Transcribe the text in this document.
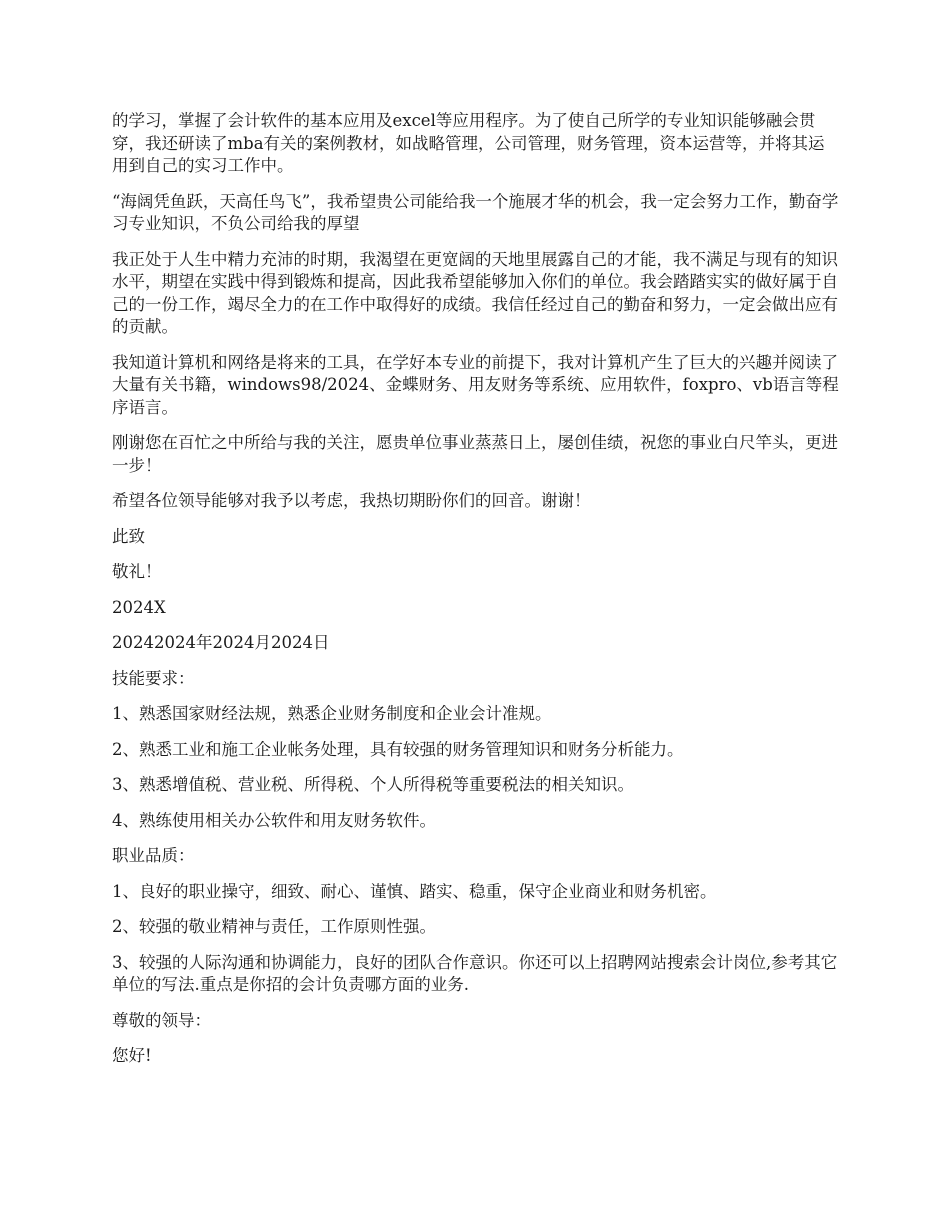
的学习，掌握了会计软件的基本应用及excel等应用程序。为了使自己所学的专业知识能够融会贯穿，我还研读了mba有关的案例教材，如战略管理，公司管理，财务管理，资本运营等，并将其运用到自己的实习工作中。

“海阔凭鱼跃，天高任鸟飞”，我希望贵公司能给我一个施展才华的机会，我一定会努力工作，勤奋学习专业知识，不负公司给我的厚望

我正处于人生中精力充沛的时期，我渴望在更宽阔的天地里展露自己的才能，我不满足与现有的知识水平，期望在实践中得到锻炼和提高，因此我希望能够加入你们的单位。我会踏踏实实的做好属于自己的一份工作，竭尽全力的在工作中取得好的成绩。我信任经过自己的勤奋和努力，一定会做出应有的贡献。

我知道计算机和网络是将来的工具，在学好本专业的前提下，我对计算机产生了巨大的兴趣并阅读了大量有关书籍，windows98/2024、金蝶财务、用友财务等系统、应用软件，foxpro、vb语言等程序语言。

刚谢您在百忙之中所给与我的关注，愿贵单位事业蒸蒸日上，屡创佳绩，祝您的事业白尺竿头，更进一步！

希望各位领导能够对我予以考虑，我热切期盼你们的回音。谢谢！

此致

敬礼！

2024X

20242024年2024月2024日

技能要求：

1、熟悉国家财经法规，熟悉企业财务制度和企业会计准规。

2、熟悉工业和施工企业帐务处理，具有较强的财务管理知识和财务分析能力。

3、熟悉增值税、营业税、所得税、个人所得税等重要税法的相关知识。

4、熟练使用相关办公软件和用友财务软件。

职业品质：

1、良好的职业操守，细致、耐心、谨慎、踏实、稳重，保守企业商业和财务机密。

2、较强的敬业精神与责任，工作原则性强。

3、较强的人际沟通和协调能力，良好的团队合作意识。你还可以上招聘网站搜索会计岗位,参考其它单位的写法.重点是你招的会计负责哪方面的业务.

尊敬的领导：

您好!
